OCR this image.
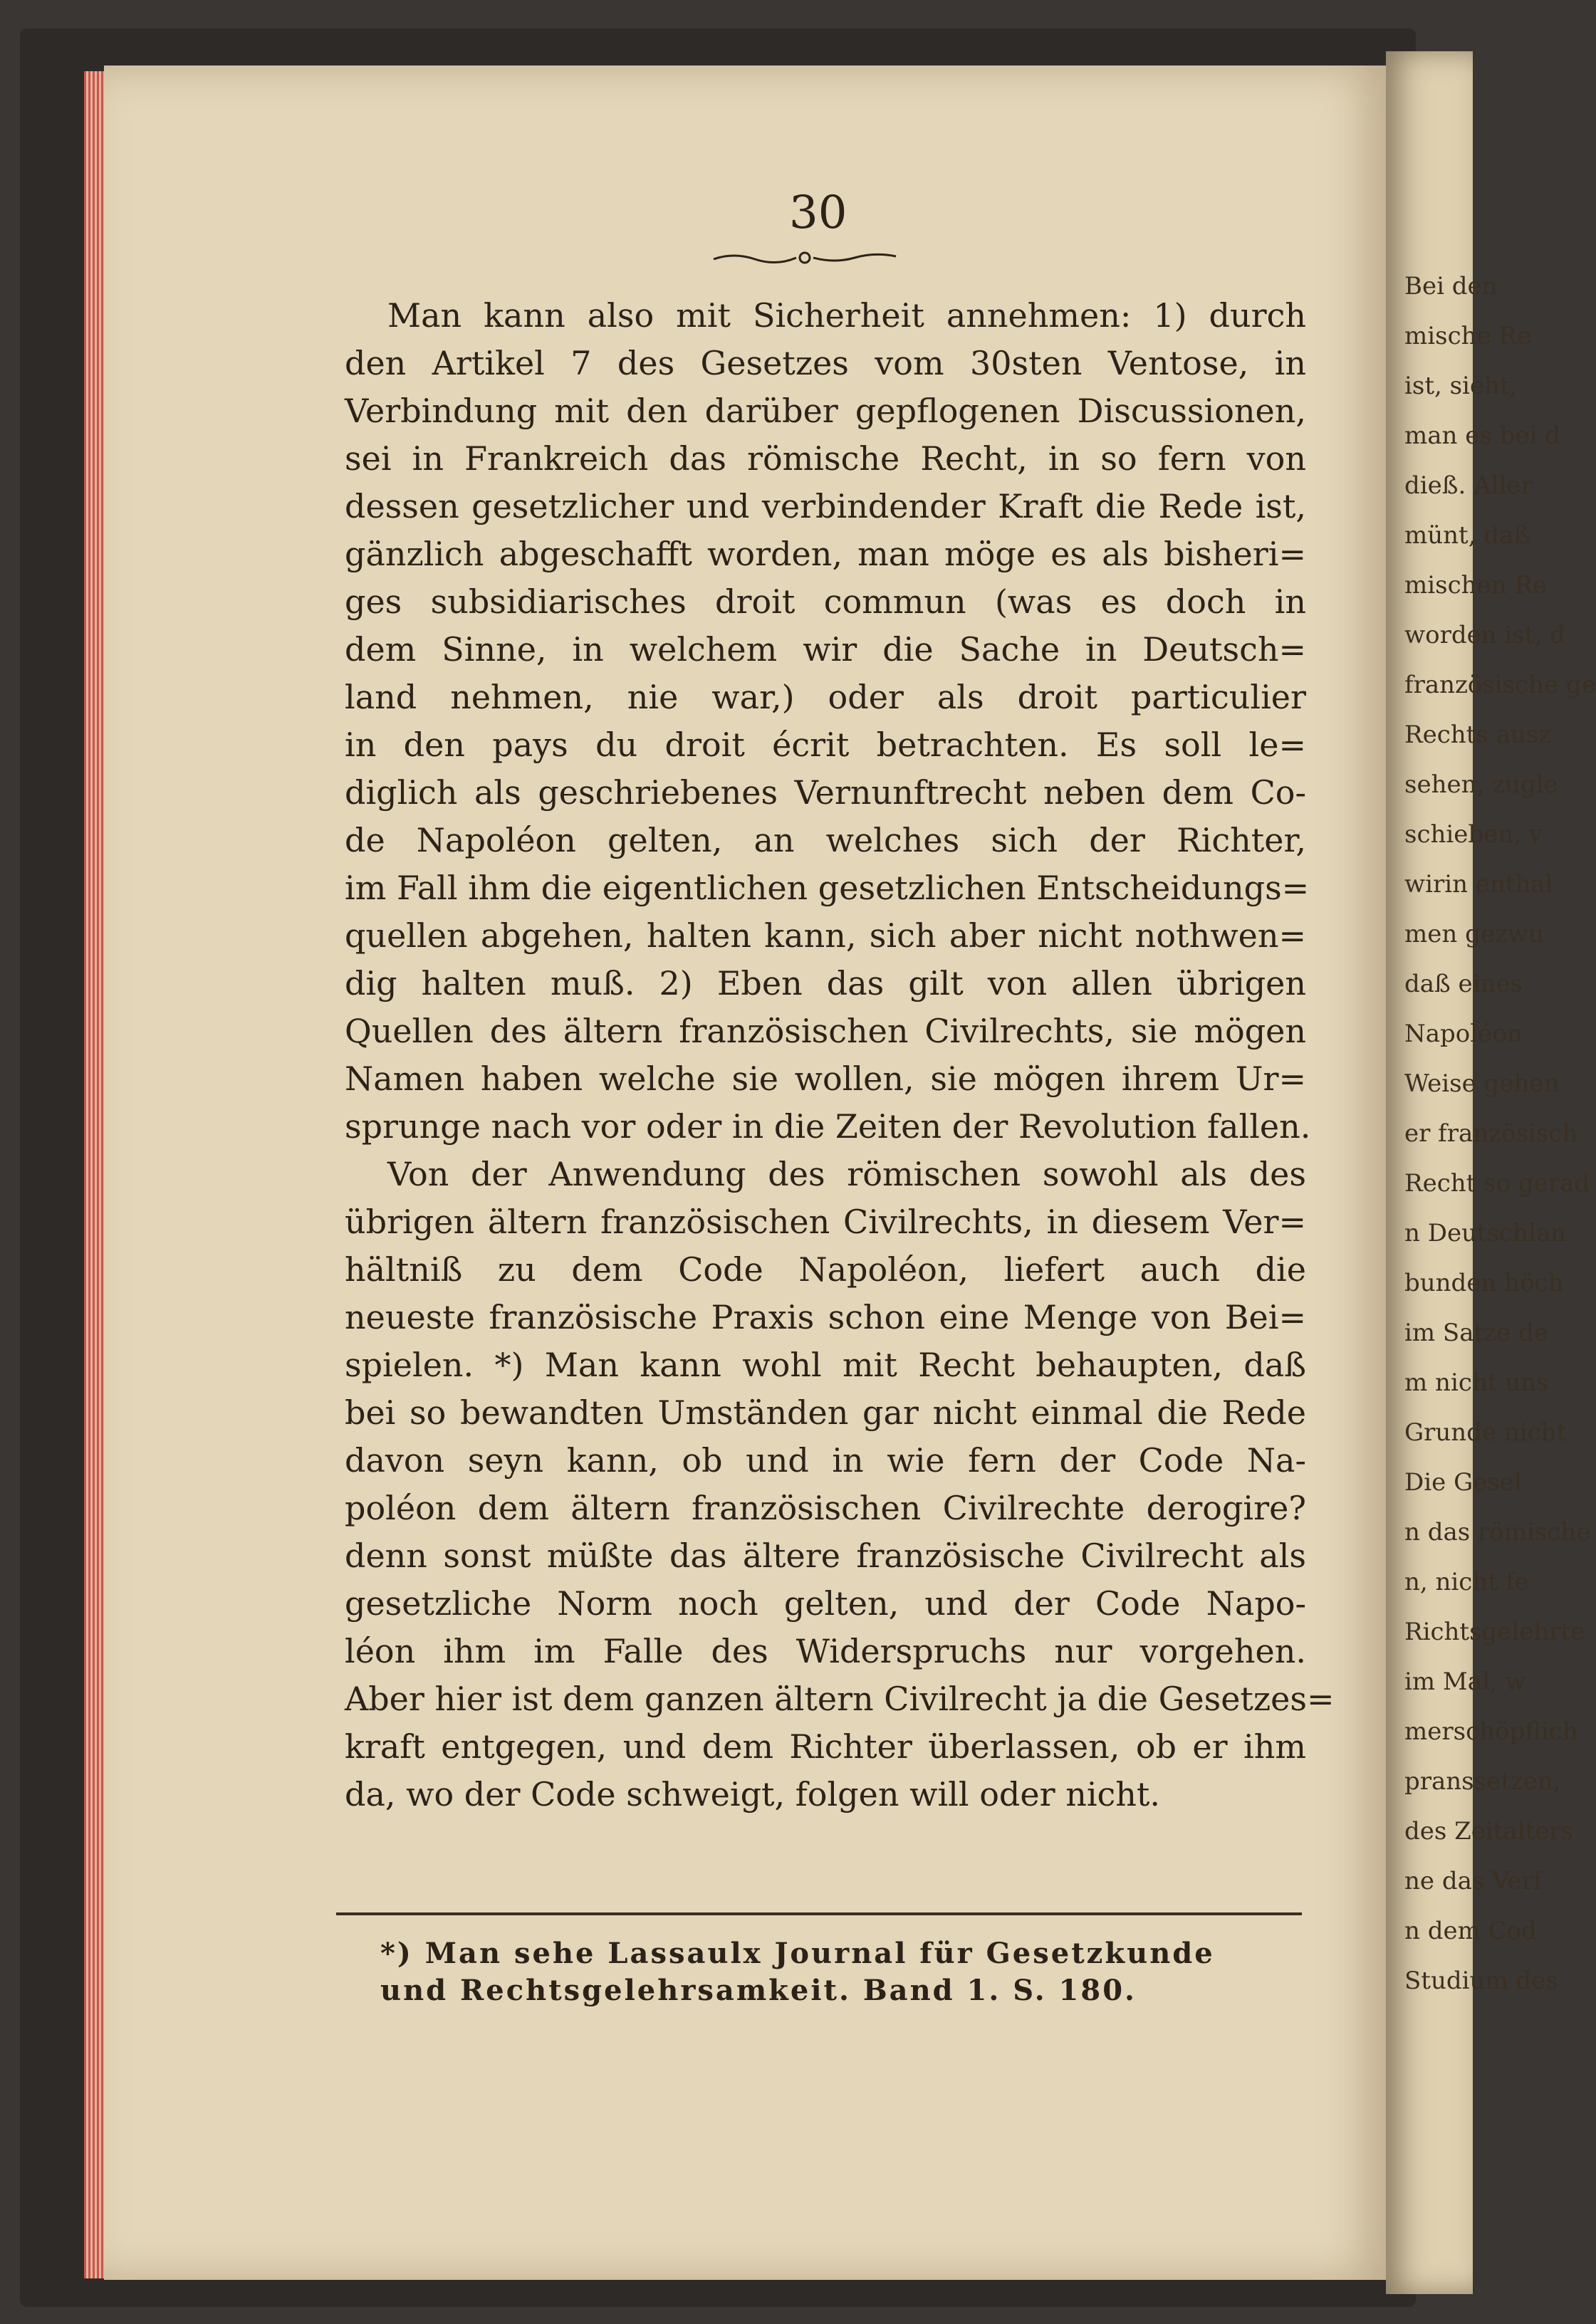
Bei den
mische Re
ist, sieht,
man es bei d
dieß. Aller
münt, daß
mischen Re
worden ist, d
französische ge
Rechts ausz
sehen, zugle
schieben, v
wirin enthal
men gezwu
daß eines
Napoléon
Weise gehen
er französisch
Recht so gerad
n Deutschlan
bunden höch
im Satze de
m nicht uns
Grunde nicht
Die Gesel
n das römische
n, nicht fe
Richtsgelehrte
im Mal, w
merschöpflich
pranssetzen,
des Zeitalters
ne das Verf
n dem Cod
Studium des
30
Man kann also mit Sicherheit annehmen: 1) durch
den Artikel 7 des Gesetzes vom 30sten Ventose, in
Verbindung mit den darüber gepflogenen Discussionen,
sei in Frankreich das römische Recht, in so fern von
dessen gesetzlicher und verbindender Kraft die Rede ist,
gänzlich abgeschafft worden, man möge es als bisheri=
ges subsidiarisches droit commun (was es doch in
dem Sinne, in welchem wir die Sache in Deutsch=
land nehmen, nie war,) oder als droit particulier
in den pays du droit écrit betrachten. Es soll le=
diglich als geschriebenes Vernunftrecht neben dem Co-
de Napoléon gelten, an welches sich der Richter,
im Fall ihm die eigentlichen gesetzlichen Entscheidungs=
quellen abgehen, halten kann, sich aber nicht nothwen=
dig halten muß. 2) Eben das gilt von allen übrigen
Quellen des ältern französischen Civilrechts, sie mögen
Namen haben welche sie wollen, sie mögen ihrem Ur=
sprunge nach vor oder in die Zeiten der Revolution fallen.
Von der Anwendung des römischen sowohl als des
übrigen ältern französischen Civilrechts, in diesem Ver=
hältniß zu dem Code Napoléon, liefert auch die
neueste französische Praxis schon eine Menge von Bei=
spielen. *) Man kann wohl mit Recht behaupten, daß
bei so bewandten Umständen gar nicht einmal die Rede
davon seyn kann, ob und in wie fern der Code Na-
poléon dem ältern französischen Civilrechte derogire?
denn sonst müßte das ältere französische Civilrecht als
gesetzliche Norm noch gelten, und der Code Napo-
léon ihm im Falle des Widerspruchs nur vorgehen.
Aber hier ist dem ganzen ältern Civilrecht ja die Gesetzes=
kraft entgegen, und dem Richter überlassen, ob er ihm
da, wo der Code schweigt, folgen will oder nicht.
*) Man sehe Lassaulx Journal für Gesetzkunde
und Rechtsgelehrsamkeit. Band 1. S. 180.
